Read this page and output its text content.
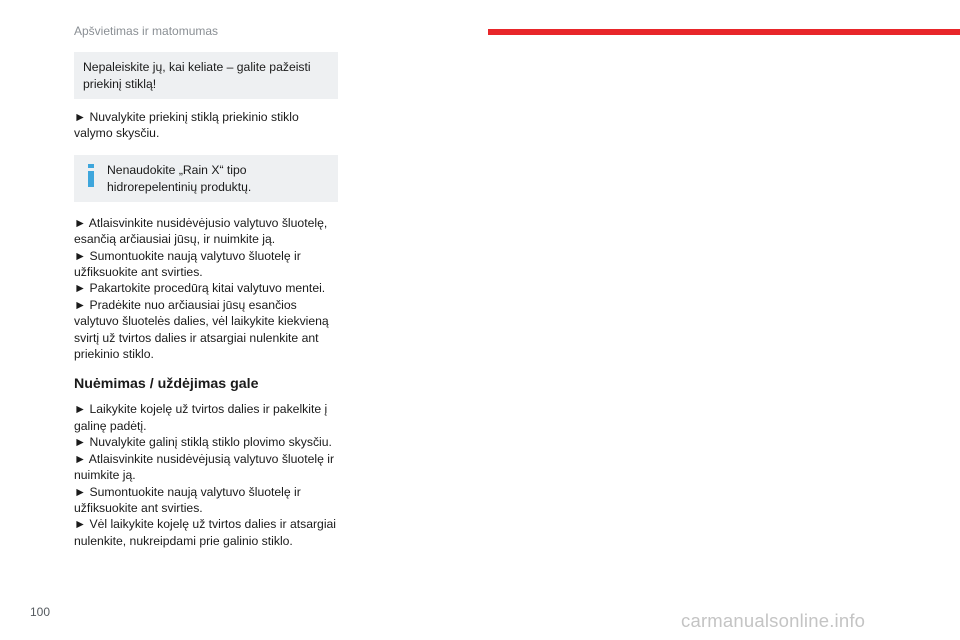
Apšvietimas ir matomumas
Nepaleiskite jų, kai keliate – galite pažeisti priekinį stiklą!

► Nuvalykite priekinį stiklą priekinio stiklo valymo skysčiu.

Nenaudokite „Rain X“ tipo hidrorepelentinių produktų.

► Atlaisvinkite nusidėvėjusio valytuvo šluotelę, esančią arčiausiai jūsų, ir nuimkite ją.
► Sumontuokite naują valytuvo šluotelę ir užfiksuokite ant svirties.
► Pakartokite procedūrą kitai valytuvo mentei.
► Pradėkite nuo arčiausiai jūsų esančios valytuvo šluotelės dalies, vėl laikykite kiekvieną svirtį už tvirtos dalies ir atsargiai nulenkite ant priekinio stiklo.

Nuėmimas / uždėjimas gale

► Laikykite kojelę už tvirtos dalies ir pakelkite į galinę padėtį.
► Nuvalykite galinį stiklą stiklo plovimo skysčiu.
► Atlaisvinkite nusidėvėjusią valytuvo šluotelę ir nuimkite ją.
► Sumontuokite naują valytuvo šluotelę ir užfiksuokite ant svirties.
► Vėl laikykite kojelę už tvirtos dalies ir atsargiai nulenkite, nukreipdami prie galinio stiklo.

100	carmanualsonline.info
